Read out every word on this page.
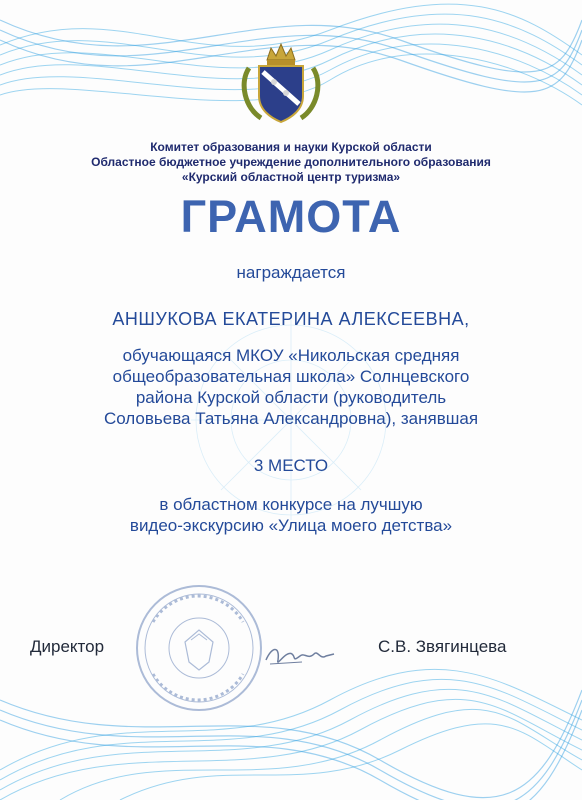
Комитет образования и науки Курской области
Областное бюджетное учреждение дополнительного образования
«Курский областной центр туризма»
ГРАМОТА
награждается
АНШУКОВА ЕКАТЕРИНА АЛЕКСЕЕВНА,
обучающаяся МКОУ «Никольская средняя
общеобразовательная школа» Солнцевского
района Курской области (руководитель
Соловьева Татьяна Александровна), занявшая
3 МЕСТО
в областном конкурсе на лучшую
видео-экскурсию «Улица моего детства»
Директор	С.В. Звягинцева
